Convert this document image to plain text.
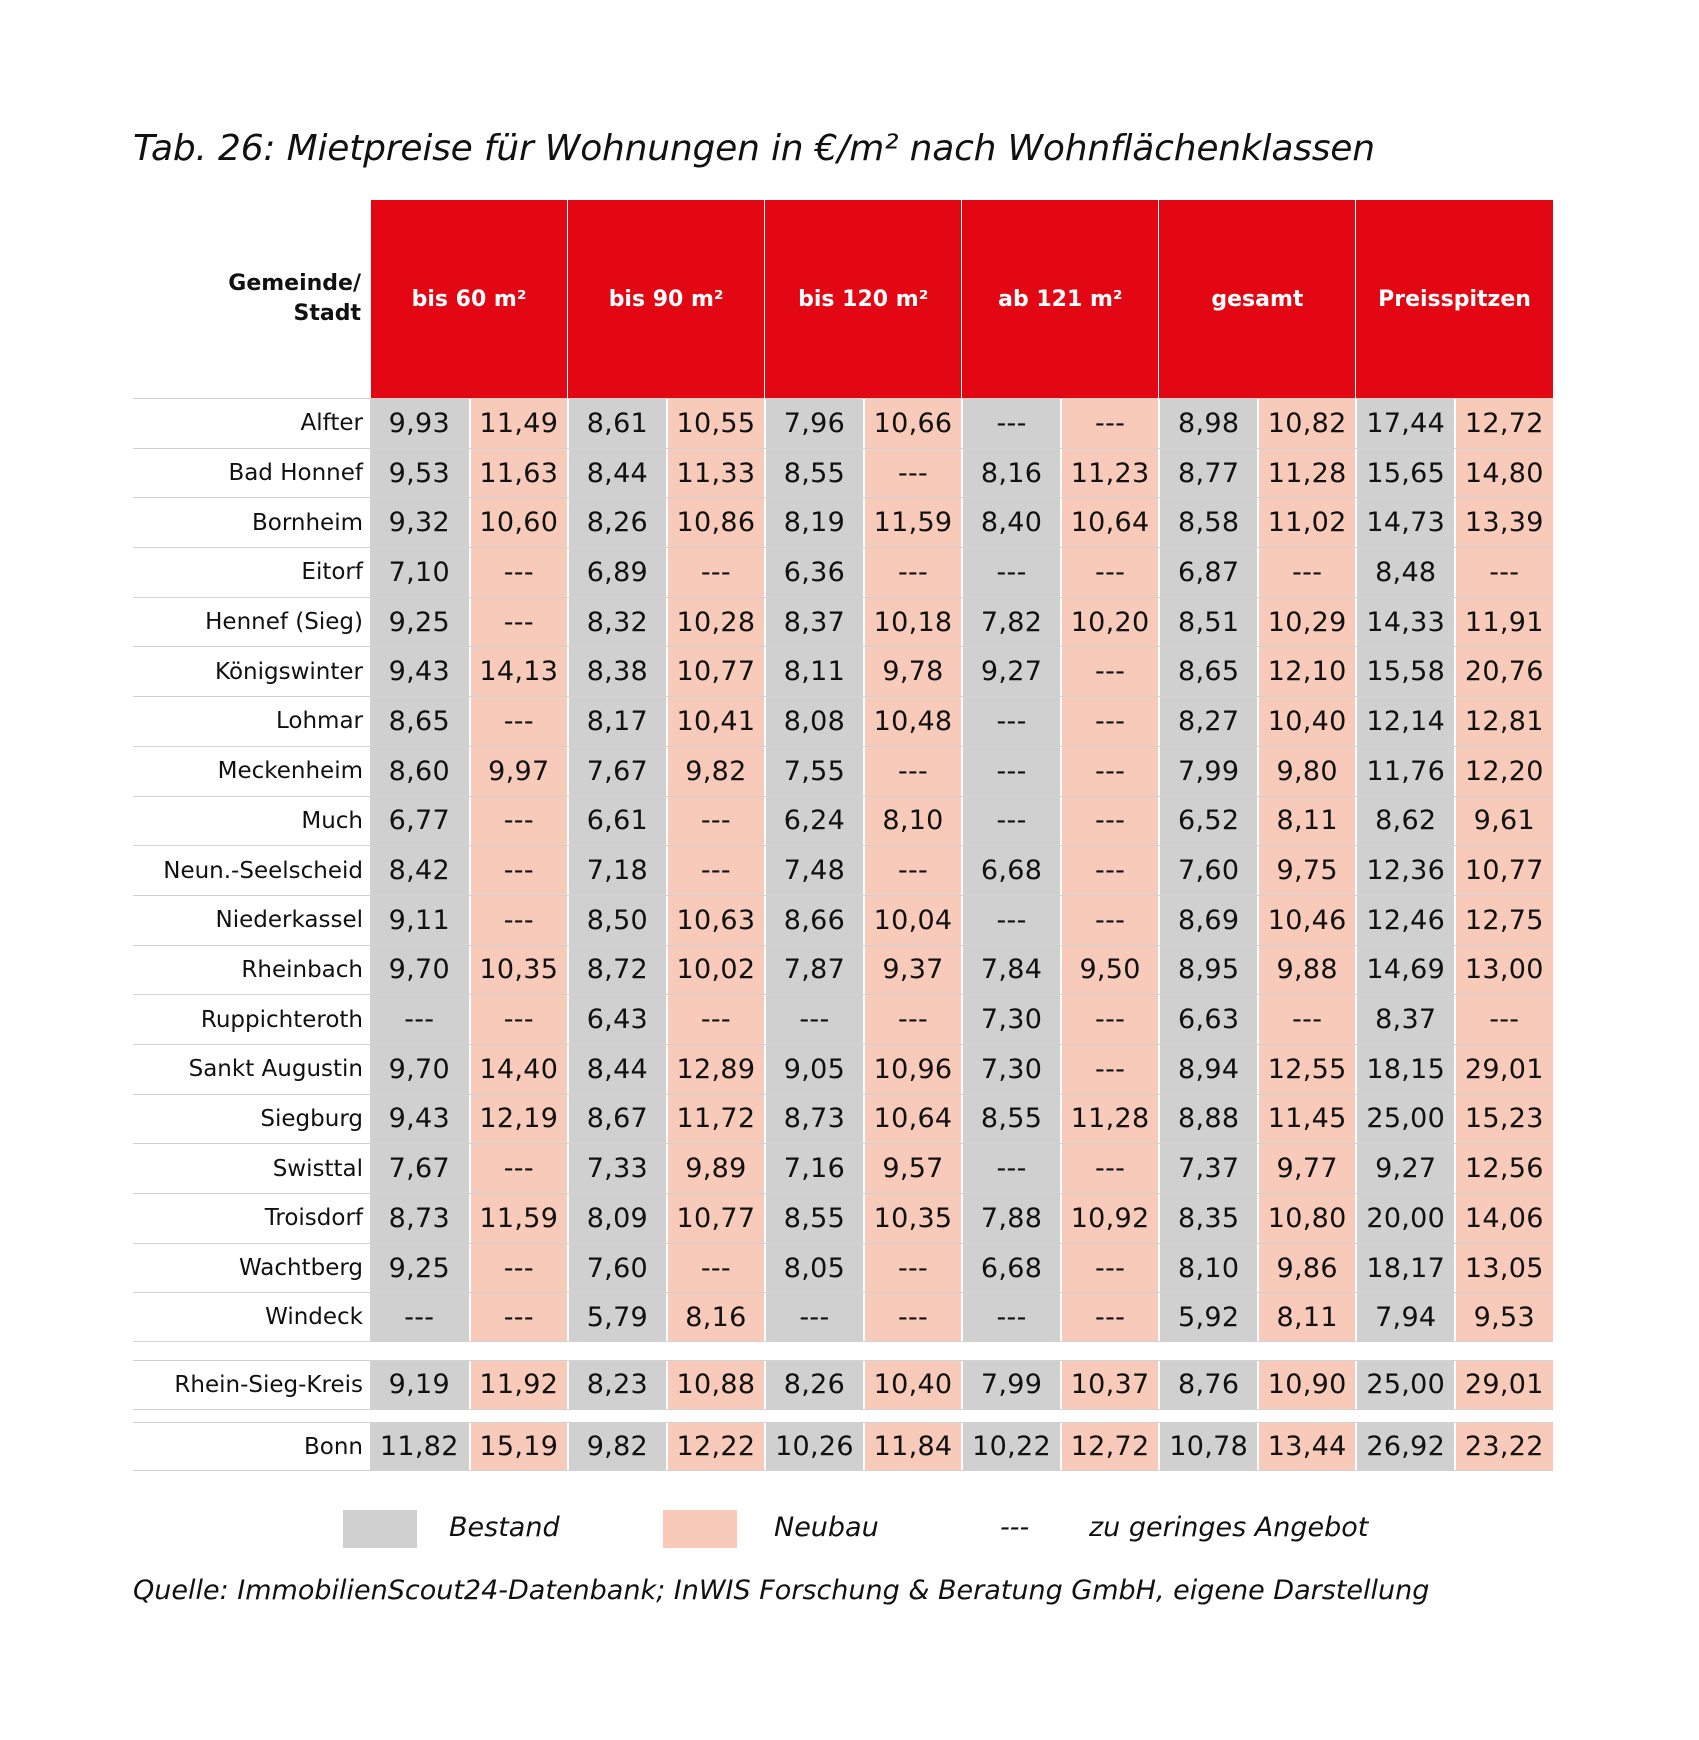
Tab. 26: Mietpreise für Wohnungen in €/m² nach Wohnflächenklassen
Gemeinde/
Stadt
bis 60 m²	bis 90 m²	bis 120 m²	ab 121 m²	gesamt	Preisspitzen
Alfter 9,93	11,49	8,61	10,55	7,96	10,66	---	---	8,98	10,82 17,44 12,72
Bad Honnef 9,53	11,63	8,44	11,33	8,55	---	8,16	11,23	8,77	11,28 15,65 14,80
Bornheim 9,32	10,60	8,26	10,86	8,19	11,59	8,40	10,64	8,58	11,02 14,73 13,39
Eitorf 7,10	---	6,89	---	6,36	---	---	---	6,87	---	8,48	---
Hennef (Sieg) 9,25	---	8,32	10,28	8,37	10,18	7,82	10,20	8,51	10,29 14,33 11,91
Königswinter 9,43	14,13	8,38	10,77	8,11	9,78	9,27	---	8,65	12,10 15,58 20,76
Lohmar 8,65	---	8,17	10,41	8,08	10,48	---	---	8,27	10,40 12,14 12,81
Meckenheim 8,60	9,97	7,67	9,82	7,55	---	---	---	7,99	9,80	11,76 12,20
Much 6,77	---	6,61	---	6,24	8,10	---	---	6,52	8,11	8,62	9,61
Neun.-Seelscheid 8,42	---	7,18	---	7,48	---	6,68	---	7,60	9,75	12,36 10,77
Niederkassel 9,11	---	8,50	10,63	8,66	10,04	---	---	8,69	10,46 12,46 12,75
Rheinbach 9,70	10,35	8,72	10,02	7,87	9,37	7,84	9,50	8,95	9,88	14,69 13,00
Ruppichteroth	---	---	6,43	---	---	---	7,30	---	6,63	---	8,37	---
Sankt Augustin 9,70	14,40	8,44	12,89	9,05	10,96	7,30	---	8,94	12,55 18,15 29,01
Siegburg 9,43	12,19	8,67	11,72	8,73	10,64	8,55	11,28	8,88	11,45 25,00 15,23
Swisttal 7,67	---	7,33	9,89	7,16	9,57	---	---	7,37	9,77	9,27	12,56
Troisdorf 8,73	11,59	8,09	10,77	8,55	10,35	7,88	10,92	8,35	10,80 20,00 14,06
Wachtberg 9,25	---	7,60	---	8,05	---	6,68	---	8,10	9,86	18,17 13,05
Windeck	---	---	5,79	8,16	---	---	---	---	5,92	8,11	7,94	9,53
Rhein-Sieg-Kreis 9,19	11,92	8,23	10,88	8,26	10,40	7,99	10,37	8,76	10,90 25,00 29,01
Bonn 11,82 15,19	9,82	12,22 10,26 11,84 10,22 12,72 10,78 13,44 26,92 23,22
Bestand	Neubau	--- zu geringes Angebot
Quelle: ImmobilienScout24-Datenbank; InWIS Forschung & Beratung GmbH, eigene Darstellung
